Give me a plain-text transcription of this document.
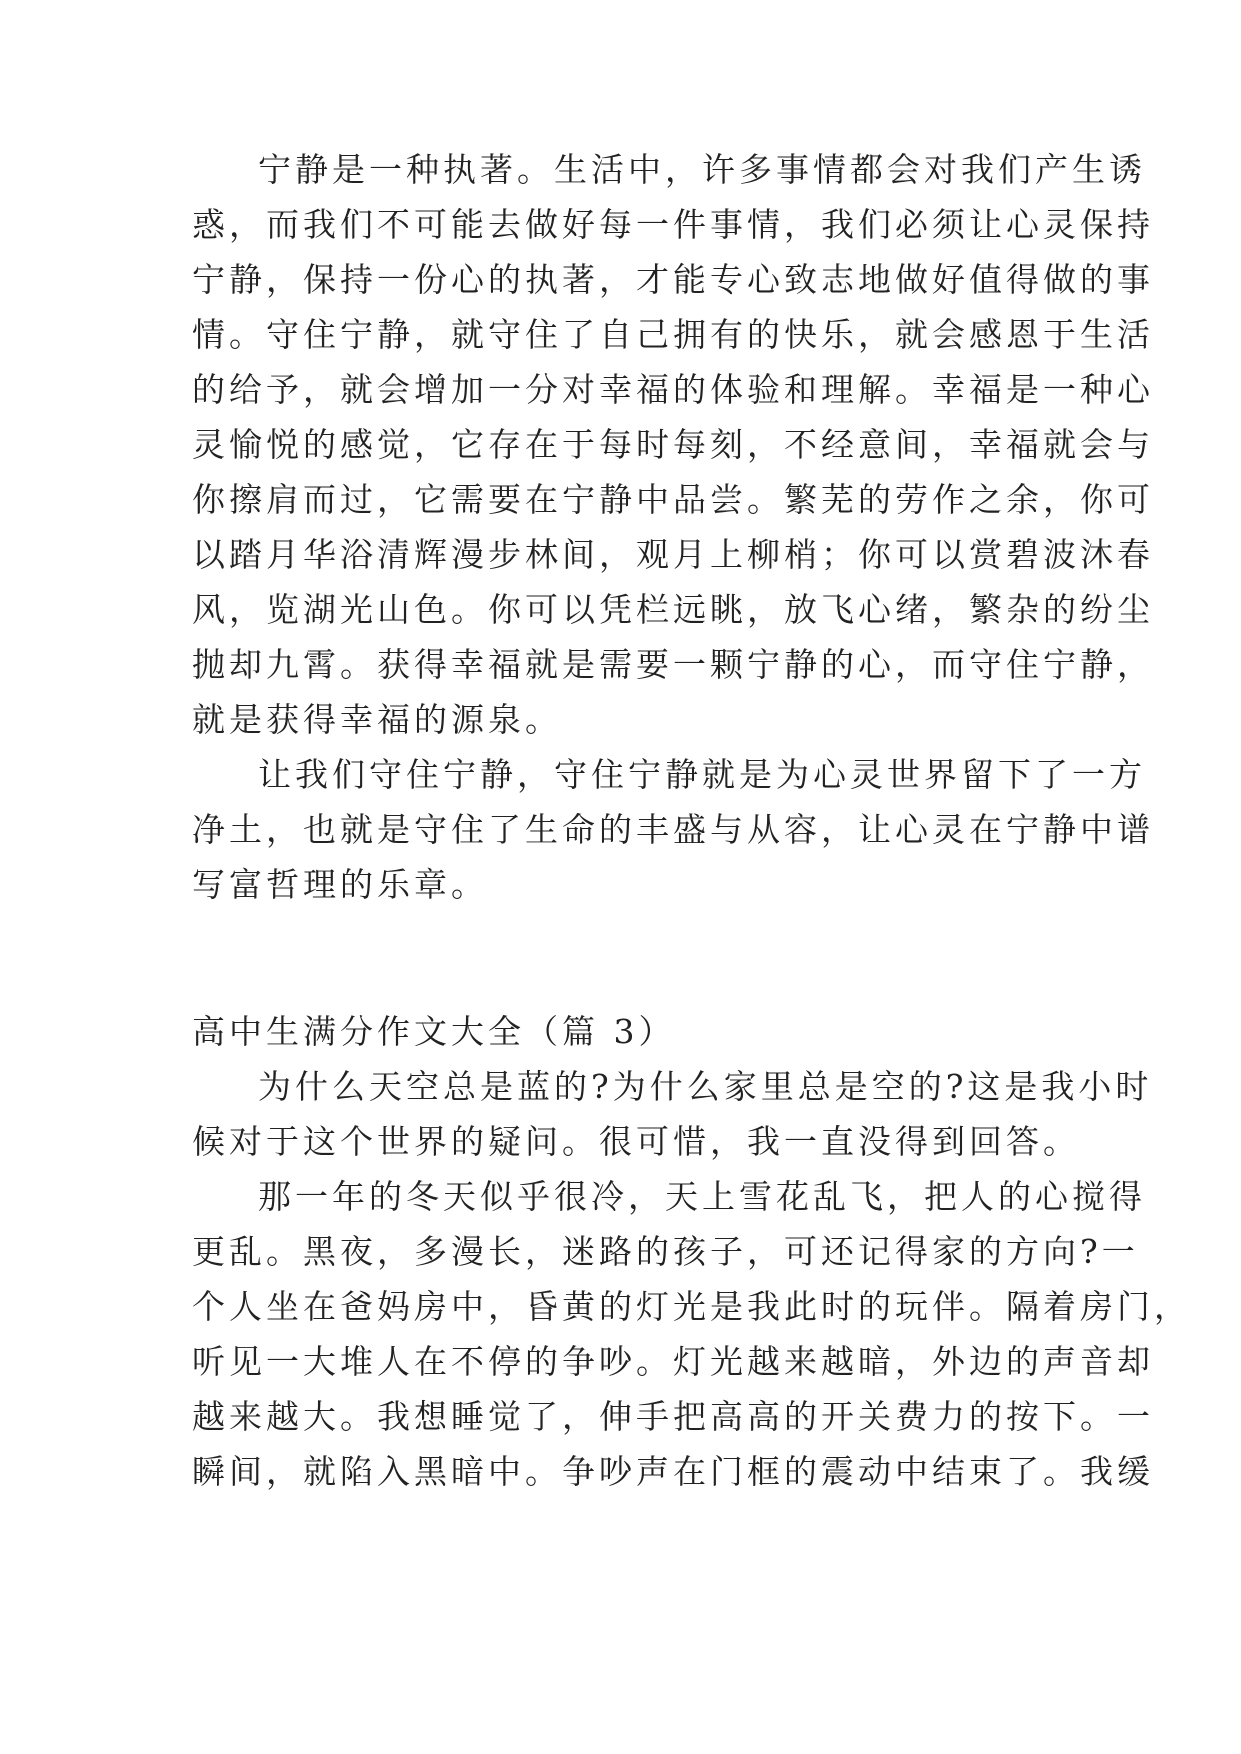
宁静是一种执著。生活中，许多事情都会对我们产生诱
惑，而我们不可能去做好每一件事情，我们必须让心灵保持
宁静，保持一份心的执著，才能专心致志地做好值得做的事
情。守住宁静，就守住了自己拥有的快乐，就会感恩于生活
的给予，就会增加一分对幸福的体验和理解。幸福是一种心
灵愉悦的感觉，它存在于每时每刻，不经意间，幸福就会与
你擦肩而过，它需要在宁静中品尝。繁芜的劳作之余，你可
以踏月华浴清辉漫步林间，观月上柳梢；你可以赏碧波沐春
风，览湖光山色。你可以凭栏远眺，放飞心绪，繁杂的纷尘
抛却九霄。获得幸福就是需要一颗宁静的心，而守住宁静，
就是获得幸福的源泉。
让我们守住宁静，守住宁静就是为心灵世界留下了一方
净土，也就是守住了生命的丰盛与从容，让心灵在宁静中谱
写富哲理的乐章。
高中生满分作文大全（篇 3）
为什么天空总是蓝的?为什么家里总是空的?这是我小时
候对于这个世界的疑问。很可惜，我一直没得到回答。
那一年的冬天似乎很冷，天上雪花乱飞，把人的心搅得
更乱。黑夜，多漫长，迷路的孩子，可还记得家的方向?一
个人坐在爸妈房中，昏黄的灯光是我此时的玩伴。隔着房门，
听见一大堆人在不停的争吵。灯光越来越暗，外边的声音却
越来越大。我想睡觉了，伸手把高高的开关费力的按下。一
瞬间，就陷入黑暗中。争吵声在门框的震动中结束了。我缓
